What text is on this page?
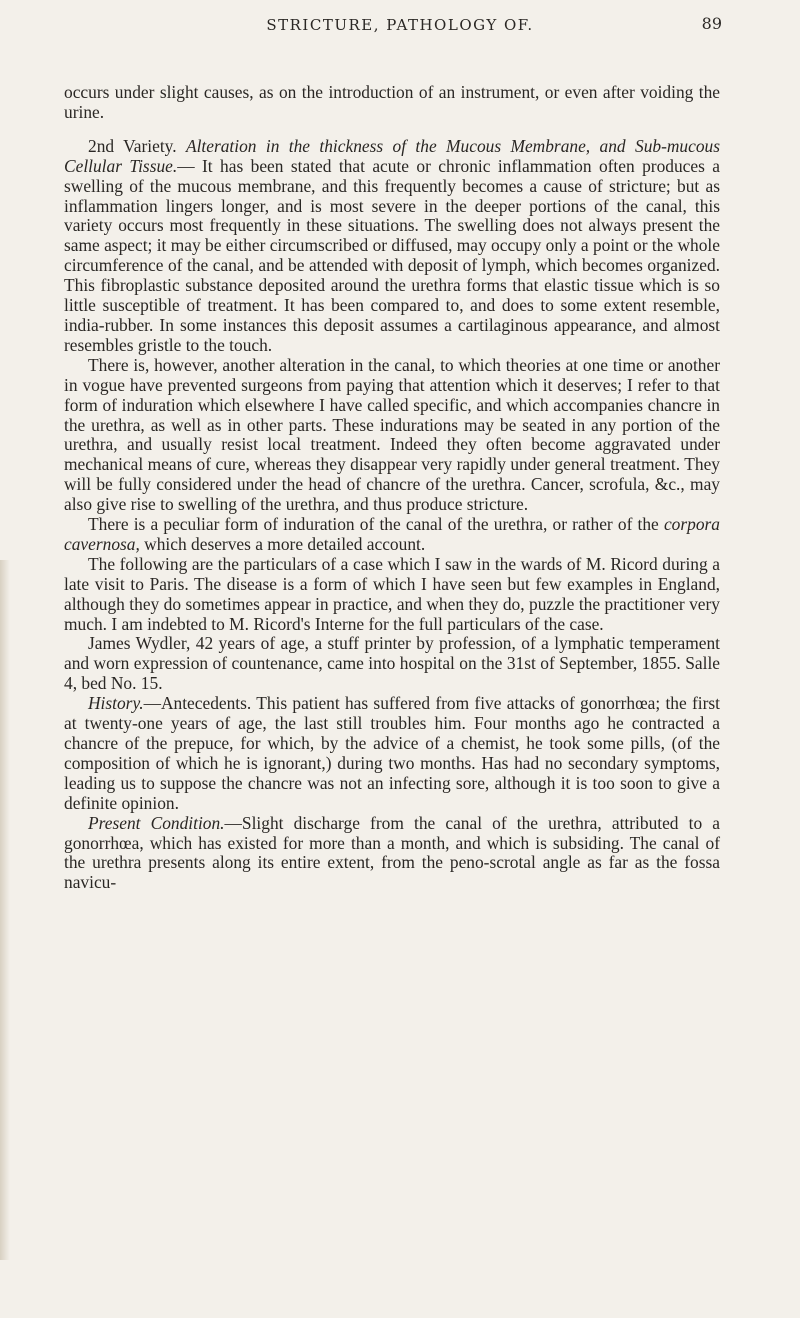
STRICTURE, PATHOLOGY OF.	89

occurs under slight causes, as on the introduction of an instrument, or even after voiding the urine.

2nd Variety. Alteration in the thickness of the Mucous Membrane, and Sub-mucous Cellular Tissue.— It has been stated that acute or chronic inflammation often produces a swelling of the mucous membrane, and this frequently becomes a cause of stricture; but as inflammation lingers longer, and is most severe in the deeper portions of the canal, this variety occurs most frequently in these situations. The swelling does not always present the same aspect; it may be either circumscribed or diffused, may occupy only a point or the whole circumference of the canal, and be attended with deposit of lymph, which becomes organized. This fibroplastic substance deposited around the urethra forms that elastic tissue which is so little susceptible of treatment. It has been compared to, and does to some extent resemble, india-rubber. In some instances this deposit assumes a cartilaginous appearance, and almost resembles gristle to the touch.

There is, however, another alteration in the canal, to which theories at one time or another in vogue have prevented surgeons from paying that attention which it deserves; I refer to that form of induration which elsewhere I have called specific, and which accompanies chancre in the urethra, as well as in other parts. These indurations may be seated in any portion of the urethra, and usually resist local treatment. Indeed they often become aggravated under mechanical means of cure, whereas they disappear very rapidly under general treatment. They will be fully considered under the head of chancre of the urethra. Cancer, scrofula, &c., may also give rise to swelling of the urethra, and thus produce stricture.

There is a peculiar form of induration of the canal of the urethra, or rather of the corpora cavernosa, which deserves a more detailed account.

The following are the particulars of a case which I saw in the wards of M. Ricord during a late visit to Paris. The disease is a form of which I have seen but few examples in England, although they do sometimes appear in practice, and when they do, puzzle the practitioner very much. I am indebted to M. Ricord's Interne for the full particulars of the case.

James Wydler, 42 years of age, a stuff printer by profession, of a lymphatic temperament and worn expression of countenance, came into hospital on the 31st of September, 1855. Salle 4, bed No. 15.

History.—Antecedents. This patient has suffered from five attacks of gonorrhœa; the first at twenty-one years of age, the last still troubles him. Four months ago he contracted a chancre of the prepuce, for which, by the advice of a chemist, he took some pills, (of the composition of which he is ignorant,) during two months. Has had no secondary symptoms, leading us to suppose the chancre was not an infecting sore, although it is too soon to give a definite opinion.

Present Condition.—Slight discharge from the canal of the urethra, attributed to a gonorrhœa, which has existed for more than a month, and which is subsiding. The canal of the urethra presents along its entire extent, from the peno-scrotal angle as far as the fossa navicu-
